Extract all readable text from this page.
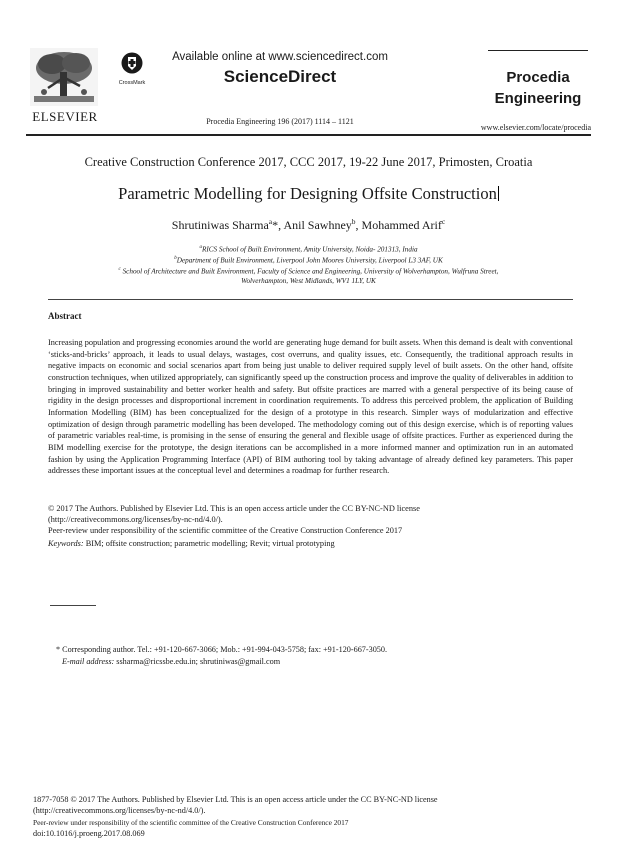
ELSEVIER
CrossMark
Available online at www.sciencedirect.com
ScienceDirect
Procedia Engineering 196 (2017) 1114 – 1121
Procedia
Engineering
www.elsevier.com/locate/procedia
Creative Construction Conference 2017, CCC 2017, 19-22 June 2017, Primosten, Croatia
Parametric Modelling for Designing Offsite Construction
Shrutiniwas Sharma$^a$*, Anil Sawhney$^b$, Mohammed Arif$^c$
$^a$RICS School of Built Environment, Amity University, Noida- 201313, India
$^b$Department of Built Environment, Liverpool John Moores University, Liverpool L3 3AF, UK
$^c$ School of Architecture and Built Environment, Faculty of Science and Engineering, University of Wolverhampton, Wulfruna Street,
Wolverhampton, West Midlands, WV1 1LY, UK
Abstract
Increasing population and progressing economies around the world are generating huge demand for built assets. When this demand is dealt with conventional ‘sticks-and-bricks’ approach, it leads to usual delays, wastages, cost overruns, and quality issues, etc. Consequently, the traditional approach results in negative impacts on economic and social scenarios apart from being just unable to deliver required supply level of built assets. On the other hand, offsite construction techniques, when utilized appropriately, can significantly speed up the construction process and improve the quality of deliverables in addition to bringing in improved sustainability and better worker health and safety. But offsite practices are marred with a general perspective of its being cause of rigidity in the design processes and disproportional increment in coordination requirements. To address this perceived problem, the application of Building Information Modelling (BIM) has been conceptualized for the design of a prototype in this research. Simpler ways of modularization and effective optimization of design through parametric modelling has been developed. The methodology coming out of this design exercise, which is of reporting values of parametric variables real-time, is promising in the sense of ensuring the general and flexible usage of offsite practices. Further as experienced during the BIM modelling exercise for the prototype, the design iterations can be accomplished in a more informed manner and optimization run in an automated fashion by using the Application Programming Interface (API) of BIM authoring tool by taking advantage of already defined key parameters. This paper addresses these important issues at the conceptual level and determines a roadmap for further research.
© 2017 The Authors. Published by Elsevier Ltd. This is an open access article under the CC BY-NC-ND license
(http://creativecommons.org/licenses/by-nc-nd/4.0/).
Peer-review under responsibility of the scientific committee of the Creative Construction Conference 2017
Keywords: BIM; offsite construction; parametric modelling; Revit; virtual prototyping
* Corresponding author. Tel.: +91-120-667-3066; Mob.: +91-994-043-5758; fax: +91-120-667-3050.
E-mail address: ssharma@ricssbe.edu.in; shrutiniwas@gmail.com
1877-7058 © 2017 The Authors. Published by Elsevier Ltd. This is an open access article under the CC BY-NC-ND license
(http://creativecommons.org/licenses/by-nc-nd/4.0/).
Peer-review under responsibility of the scientific committee of the Creative Construction Conference 2017
doi:10.1016/j.proeng.2017.08.069
